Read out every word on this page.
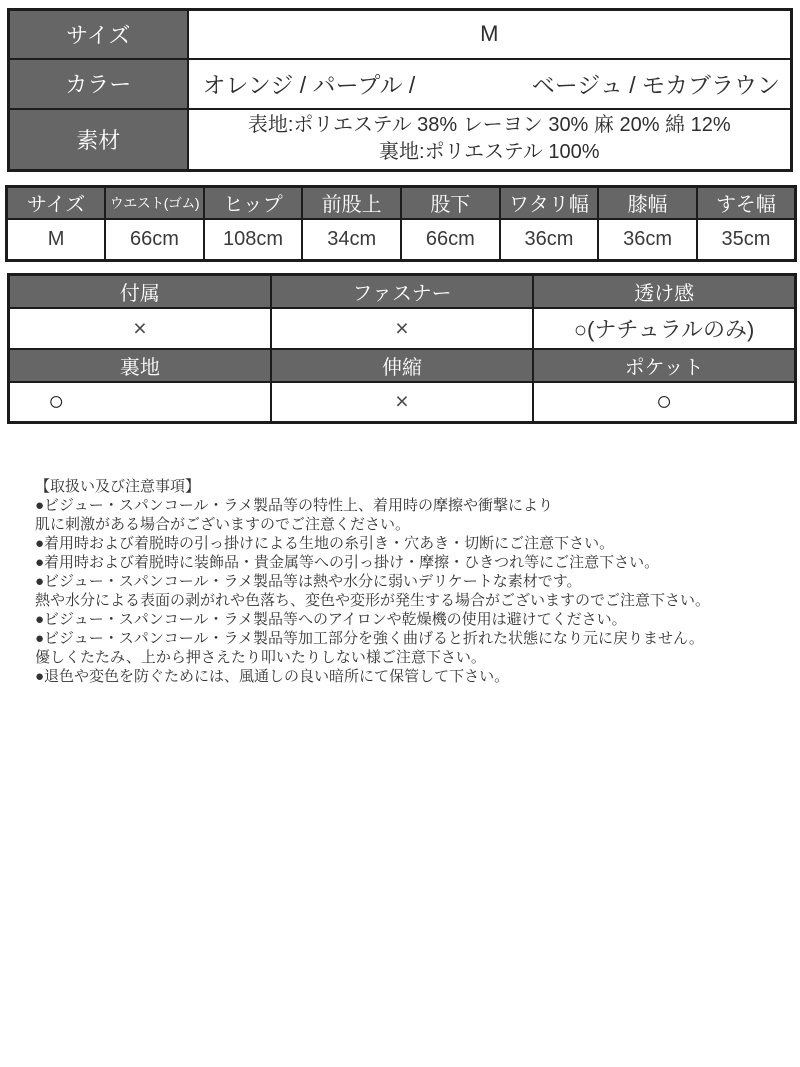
サイズ	M
カラー	オレンジ / パープル / ベージュ / モカブラウン

素材	表地:ポリエステル 38% レーヨン 30% 麻 20% 綿 12%
裏地:ポリエステル 100%
サイズ	ウエスト(ゴム)	ヒップ	前股上	股下	ワタリ幅	膝幅	すそ幅
M	66cm	108cm	34cm	66cm	36cm	36cm	35cm
付属	ファスナー	透け感
×	×	○(ナチュラルのみ)
裏地	伸縮	ポケット
○	×	○
【取扱い及び注意事項】
●ビジュー・スパンコール・ラメ製品等の特性上、着用時の摩擦や衝撃により
肌に刺激がある場合がございますのでご注意ください。
●着用時および着脱時の引っ掛けによる生地の糸引き・穴あき・切断にご注意下さい。
●着用時および着脱時に装飾品・貴金属等への引っ掛け・摩擦・ひきつれ等にご注意下さい。
●ビジュー・スパンコール・ラメ製品等は熱や水分に弱いデリケートな素材です。
熱や水分による表面の剥がれや色落ち、変色や変形が発生する場合がございますのでご注意下さい。
●ビジュー・スパンコール・ラメ製品等へのアイロンや乾燥機の使用は避けてください。
●ビジュー・スパンコール・ラメ製品等加工部分を強く曲げると折れた状態になり元に戻りません。
優しくたたみ、上から押さえたり叩いたりしない様ご注意下さい。
●退色や変色を防ぐためには、風通しの良い暗所にて保管して下さい。
